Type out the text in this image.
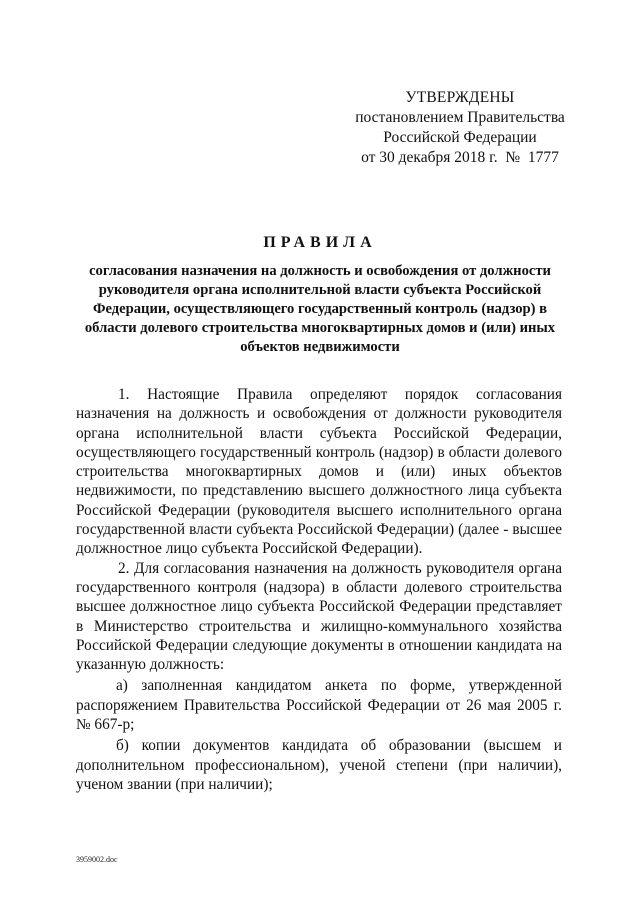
УТВЕРЖДЕНЫ
постановлением Правительства
Российской Федерации
от 30 декабря 2018 г.  №  1777
ПРАВИЛА
согласования назначения на должность и освобождения от должности руководителя органа исполнительной власти субъекта Российской Федерации, осуществляющего государственный контроль (надзор) в области долевого строительства многоквартирных домов и (или) иных объектов недвижимости

1. Настоящие Правила определяют порядок согласования назначения на должность и освобождения от должности руководителя органа исполнительной власти субъекта Российской Федерации, осуществляющего государственный контроль (надзор) в области долевого строительства многоквартирных домов и (или) иных объектов недвижимости, по представлению высшего должностного лица субъекта Российской Федерации (руководителя высшего исполнительного органа государственной власти субъекта Российской Федерации) (далее - высшее должностное лицо субъекта Российской Федерации).

2. Для согласования назначения на должность руководителя органа государственного контроля (надзора) в области долевого строительства высшее должностное лицо субъекта Российской Федерации представляет в Министерство строительства и жилищно-коммунального хозяйства Российской Федерации следующие документы в отношении кандидата на указанную должность:

а) заполненная кандидатом анкета по форме, утвержденной распоряжением Правительства Российской Федерации от 26 мая 2005 г. № 667-р;

б) копии документов кандидата об образовании (высшем и дополнительном профессиональном), ученой степени (при наличии), ученом звании (при наличии);

3959002.doc
